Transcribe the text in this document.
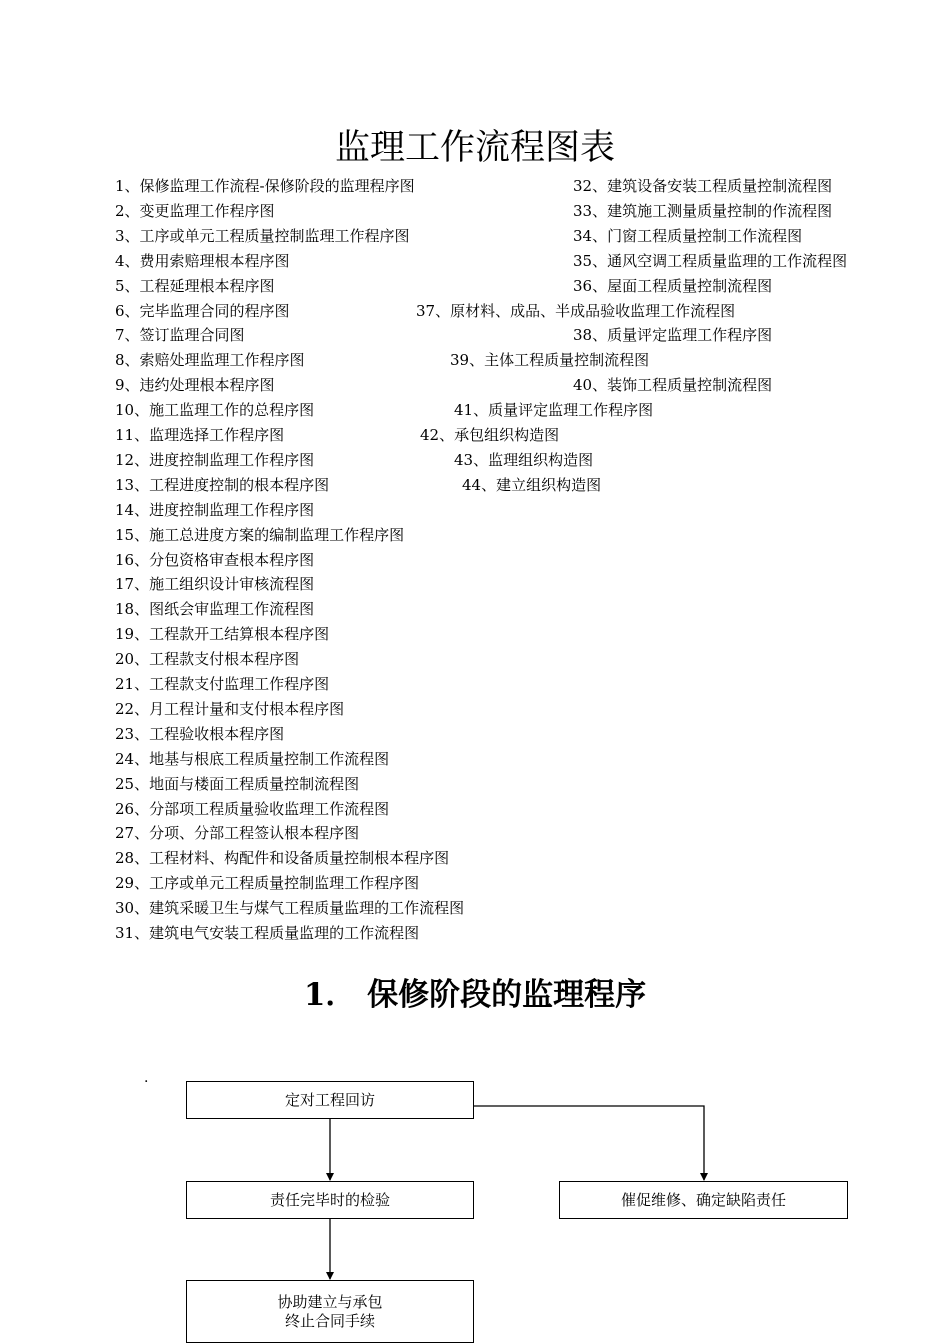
监理工作流程图表
1、保修监理工作流程-保修阶段的监理程序图
2、变更监理工作程序图
3、工序或单元工程质量控制监理工作程序图
4、费用索赔理根本程序图
5、工程延理根本程序图
6、完毕监理合同的程序图
7、签订监理合同图
8、索赔处理监理工作程序图
9、违约处理根本程序图
10、施工监理工作的总程序图
11、监理选择工作程序图
12、进度控制监理工作程序图
13、工程进度控制的根本程序图
14、进度控制监理工作程序图
15、施工总进度方案的编制监理工作程序图
16、分包资格审查根本程序图
17、施工组织设计审核流程图
18、图纸会审监理工作流程图
19、工程款开工结算根本程序图
20、工程款支付根本程序图
21、工程款支付监理工作程序图
22、月工程计量和支付根本程序图
23、工程验收根本程序图
24、地基与根底工程质量控制工作流程图
25、地面与楼面工程质量控制流程图
26、分部项工程质量验收监理工作流程图
27、分项、分部工程签认根本程序图
28、工程材料、构配件和设备质量控制根本程序图
29、工序或单元工程质量控制监理工作程序图
30、建筑采暖卫生与煤气工程质量监理的工作流程图
31、建筑电气安装工程质量监理的工作流程图
32、建筑设备安装工程质量控制流程图
33、建筑施工测量质量控制的作流程图
34、门窗工程质量控制工作流程图
35、通风空调工程质量监理的工作流程图
36、屋面工程质量控制流程图
37、原材料、成品、半成品验收监理工作流程图
38、质量评定监理工作程序图
39、主体工程质量控制流程图
40、装饰工程质量控制流程图
41、质量评定监理工作程序图
42、承包组织构造图
43、监理组织构造图
44、建立组织构造图
1． 保修阶段的监理程序
·
定对工程回访
责任完毕时的检验	催促维修、确定缺陷责任
协助建立与承包
终止合同手续
